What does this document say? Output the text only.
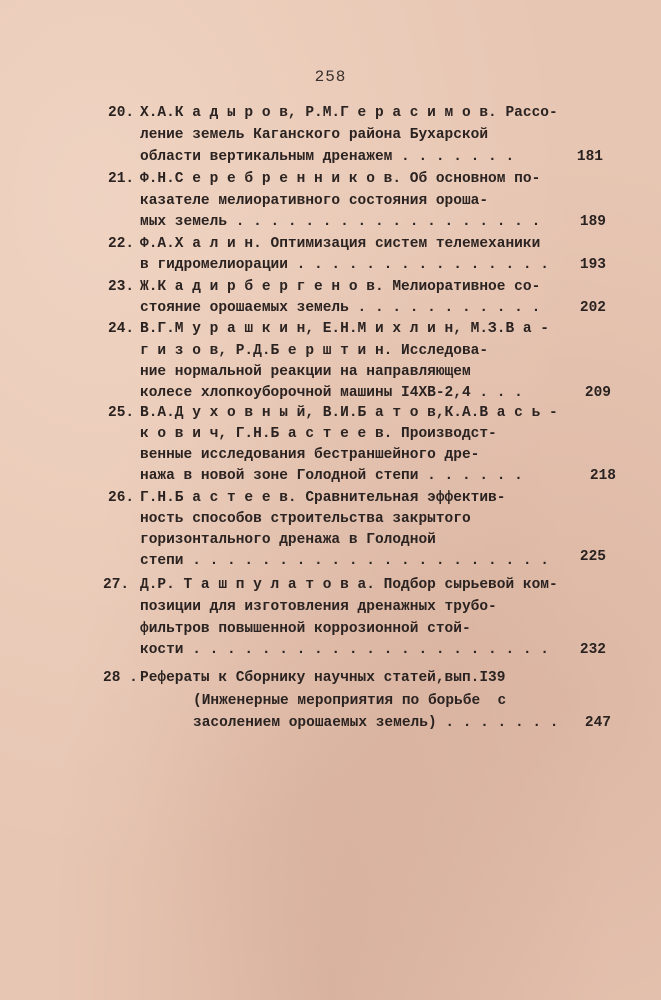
258
20. Х.А.К а д ы р о в, Р.М.Г е р а с и м о в. Рассо-
ление земель Каганского района Бухарской
области вертикальным дренажем . . . . . . .	181
21. Ф.Н.С е р е б р е н н и к о в. Об основном по-
казателе мелиоративного состояния ороша-
мых земель . . . . . . . . . . . . . . . . . .	189
22. Ф.А.Х а л и н. Оптимизация систем телемеханики
в гидромелиорации . . . . . . . . . . . . . . .	193
23. Ж.К а д и р б е р г е н о в. Мелиоративное со-
стояние орошаемых земель . . . . . . . . . . .	202
24. В.Г.М у р а ш к и н, Е.Н.М и х л и н, М.З.В а -
г и з о в, Р.Д.Б е р ш т и н. Исследова-
ние нормальной реакции на направляющем
колесе хлопкоуборочной машины I4ХВ-2,4 . . .	209
25. В.А.Д у х о в н ы й, В.И.Б а т о в,К.А.В а с ь -
к о в и ч, Г.Н.Б а с т е е в. Производст-
венные исследования бестраншейного дре-
нажа в новой зоне Голодной степи . . . . . .	218
26. Г.Н.Б а с т е е в. Сравнительная эффектив-
ность способов строительства закрытого
горизонтального дренажа в Голодной
степи . . . . . . . . . . . . . . . . . . . . .	225
27. Д.Р. Т а ш п у л а т о в а. Подбор сырьевой ком-
позиции для изготовления дренажных трубо-
фильтров повышенной коррозионной стой-
кости . . . . . . . . . . . . . . . . . . . . .	232
28 . Рефераты к Сборнику научных статей,вып.I39
(Инженерные мероприятия по борьбе  с
засолением орошаемых земель) . . . . . . .	247
